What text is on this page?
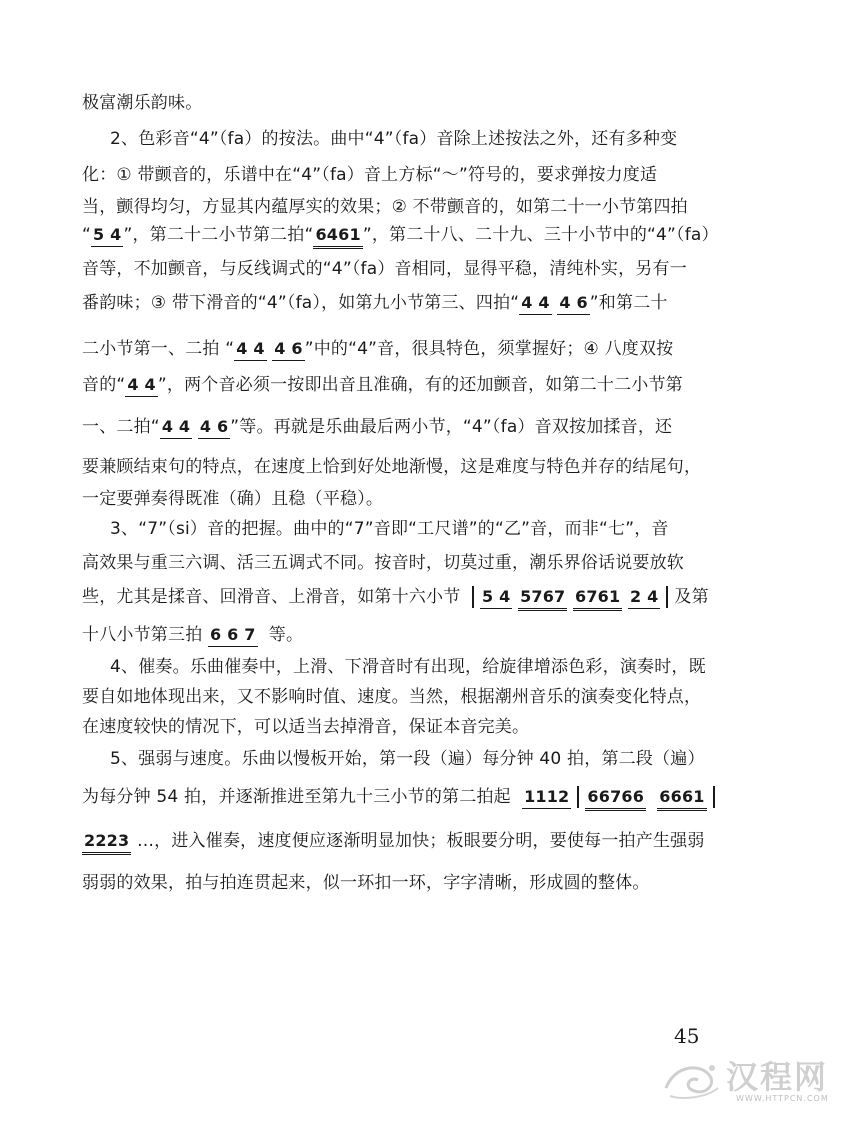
极富潮乐韵味。
2、色彩音“4”（fa）的按法。曲中“4”（fa）音除上述按法之外，还有多种变
化：① 带颤音的，乐谱中在“4”（fa）音上方标“～”符号的，要求弹按力度适
当，颤得均匀，方显其内蕴厚实的效果；② 不带颤音的，如第二十一小节第四拍
“ 5 4 ”，第二十二小节第二拍“ 6461 ”，第二十八、二十九、三十小节中的“4”（fa）
音等，不加颤音，与反线调式的“4”（fa）音相同，显得平稳，清纯朴实，另有一
番韵味；③ 带下滑音的“4”（fa），如第九小节第三、四拍“ 4 4 4 6 ”和第二十
二小节第一、二拍 “ 4 4 4 6 ”中的“4”音，很具特色，须掌握好；④ 八度双按
音的“ 4 4 ”，两个音必须一按即出音且准确，有的还加颤音，如第二十二小节第
一、二拍“ 4 4 4 6 ”等。再就是乐曲最后两小节，“4”（fa）音双按加揉音，还
要兼顾结束句的特点，在速度上恰到好处地渐慢，这是难度与特色并存的结尾句，
一定要弹奏得既准（确）且稳（平稳）。
3、“7”（si）音的把握。曲中的“7”音即“工尺谱”的“乙”音，而非“七”，音
高效果与重三六调、活三五调式不同。按音时，切莫过重，潮乐界俗话说要放软
些，尤其是揉音、回滑音、上滑音，如第十六小节 5 4 5767 6761 2 4 及第
十八小节第三拍 6 6 7 等。
4、催奏。乐曲催奏中，上滑、下滑音时有出现，给旋律增添色彩，演奏时，既
要自如地体现出来，又不影响时值、速度。当然，根据潮州音乐的演奏变化特点，
在速度较快的情况下，可以适当去掉滑音，保证本音完美。
5、强弱与速度。乐曲以慢板开始，第一段（遍）每分钟 40 拍，第二段（遍）
为每分钟 54 拍，并逐渐推进至第九十三小节的第二拍起 1112 66766 6661
2223 …，进入催奏，速度便应逐渐明显加快；板眼要分明，要使每一拍产生强弱
弱弱的效果，拍与拍连贯起来，似一环扣一环，字字清晰，形成圆的整体。
45
汉程网
WWW.HTTPCN.COM
